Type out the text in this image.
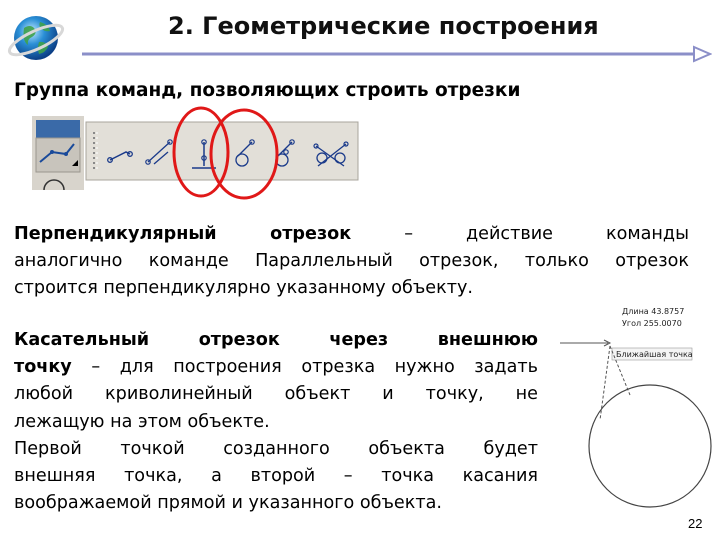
2. Геометрические построения
Группа команд, позволяющих строить отрезки
Перпендикулярный отрезок	– действие команды
аналогично команде Параллельный отрезок, только отрезок
строится перпендикулярно указанному объекту.
Касательный отрезок через внешнюю
точку – для построения отрезка нужно задать
любой криволинейный объект и точку, не
лежащую на этом объекте.
Первой точкой созданного объекта будет
внешняя точка, а второй – точка касания
воображаемой прямой и указанного объекта.
Длина 43.8757
Угол 255.0070
Ближайшая точка
22
